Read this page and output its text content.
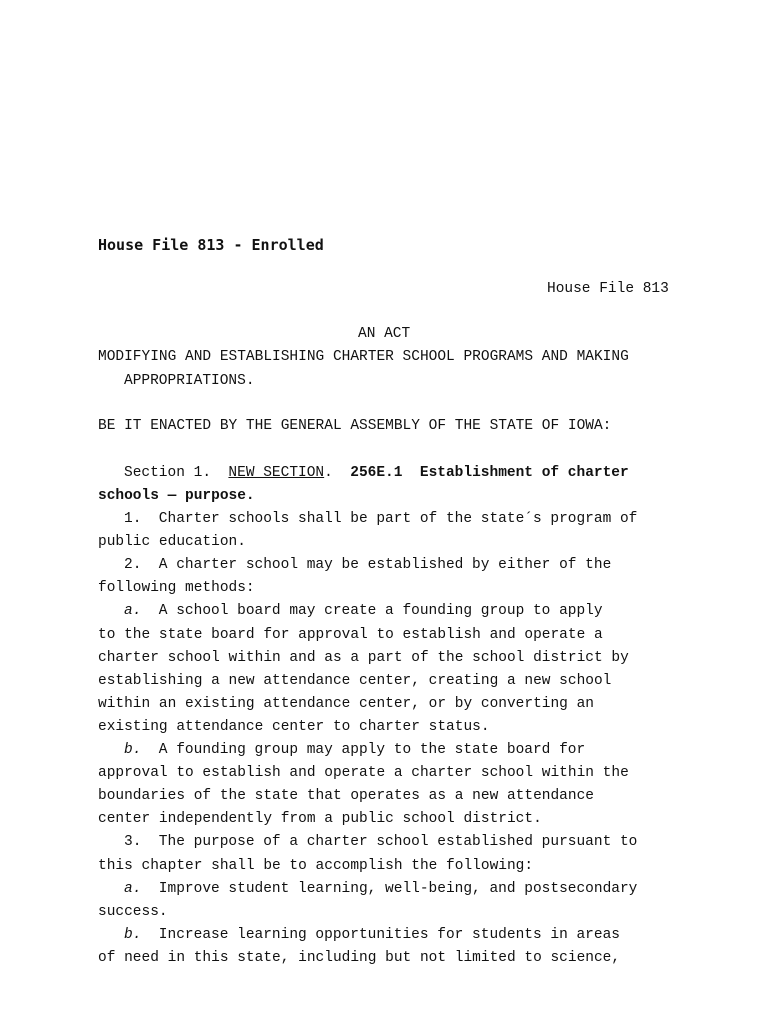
House File 813 - Enrolled
House File 813
AN ACT
MODIFYING AND ESTABLISHING CHARTER SCHOOL PROGRAMS AND MAKING
APPROPRIATIONS.
BE IT ENACTED BY THE GENERAL ASSEMBLY OF THE STATE OF IOWA:
Section 1. NEW SECTION. 256E.1 Establishment of charter
schools — purpose.
1.  Charter schools shall be part of the state´s program of
public education.
2.  A charter school may be established by either of the
following methods:
a.  A school board may create a founding group to apply
to the state board for approval to establish and operate a
charter school within and as a part of the school district by
establishing a new attendance center, creating a new school
within an existing attendance center, or by converting an
existing attendance center to charter status.
b.  A founding group may apply to the state board for
approval to establish and operate a charter school within the
boundaries of the state that operates as a new attendance
center independently from a public school district.
3.  The purpose of a charter school established pursuant to
this chapter shall be to accomplish the following:
a.  Improve student learning, well-being, and postsecondary
success.
b.  Increase learning opportunities for students in areas
of need in this state, including but not limited to science,
